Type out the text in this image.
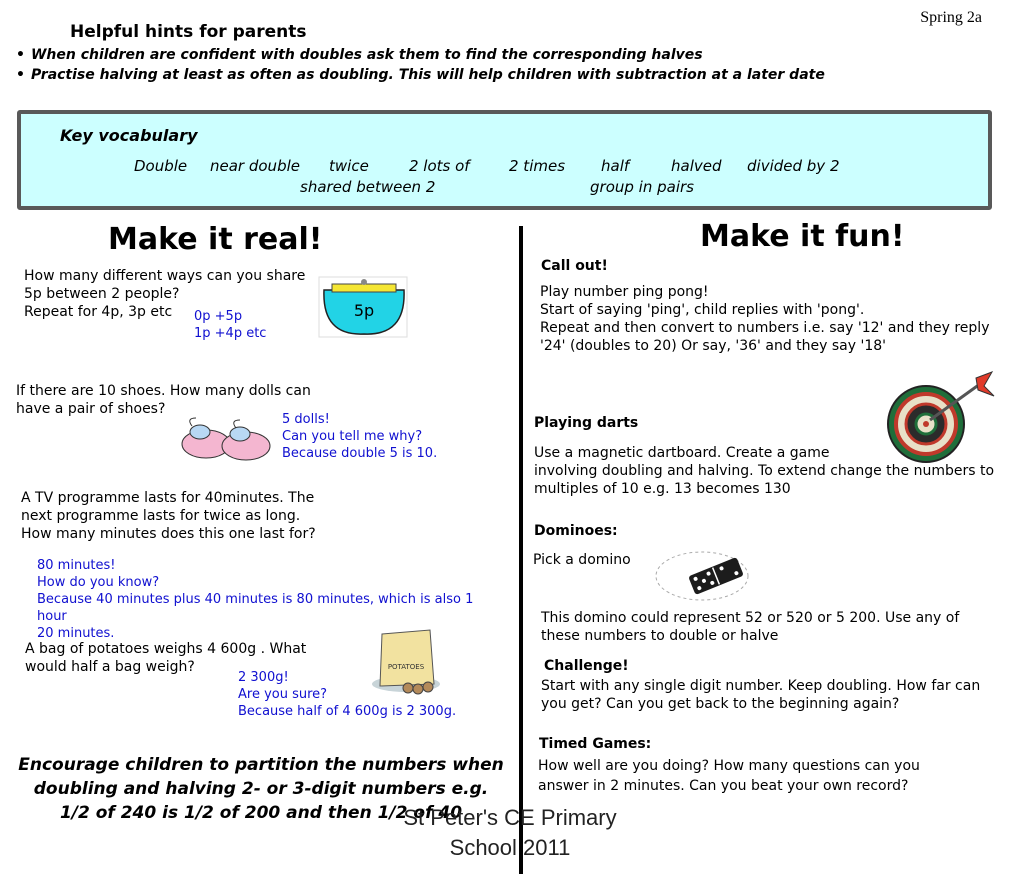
Spring 2a
Helpful hints for parents
• When children are confident with doubles ask them to find the corresponding halves
• Practise halving at least as often as doubling. This will help children with subtraction at a later date
Key vocabulary
Double near double twice	2 lots of	2 times half	halved divided by 2
shared between 2	group in pairs
Make it real!	Make it fun!
How many different ways can you share
5p between 2 people?
Repeat for 4p, 3p etc	0p +5p
1p +4p etc
5p
If there are 10 shoes. How many dolls can
have a pair of shoes?
5 dolls!
Can you tell me why?
Because double 5 is 10.
A TV programme lasts for 40minutes. The
next programme lasts for twice as long.
How many minutes does this one last for?
80 minutes!
How do you know?
Because 40 minutes plus 40 minutes is 80 minutes, which is also 1 hour
20 minutes.
A bag of potatoes weighs 4 600g . What
would half a bag weigh?
2 300g!
Are you sure?
Because half of 4 600g is 2 300g.
POTATOES
Encourage children to partition the numbers when
doubling and halving 2- or 3-digit numbers e.g.
1/2 of 240 is 1/2 of 200 and then 1/2 of 40
St Peter's CE Primary
School 2011
Call out!
Play number ping pong!
Start of saying 'ping', child replies with 'pong'.
Repeat and then convert to numbers i.e. say '12' and they reply
'24' (doubles to 20) Or say, '36' and they say '18'
Playing darts
Use a magnetic dartboard. Create a game
involving doubling and halving. To extend change the numbers to
multiples of 10 e.g. 13 becomes 130
Dominoes:
Pick a domino
This domino could represent 52 or 520 or 5 200. Use any of
these numbers to double or halve
Challenge!
Start with any single digit number. Keep doubling. How far can
you get? Can you get back to the beginning again?
Timed Games:
How well are you doing? How many questions can you
answer in 2 minutes. Can you beat your own record?
